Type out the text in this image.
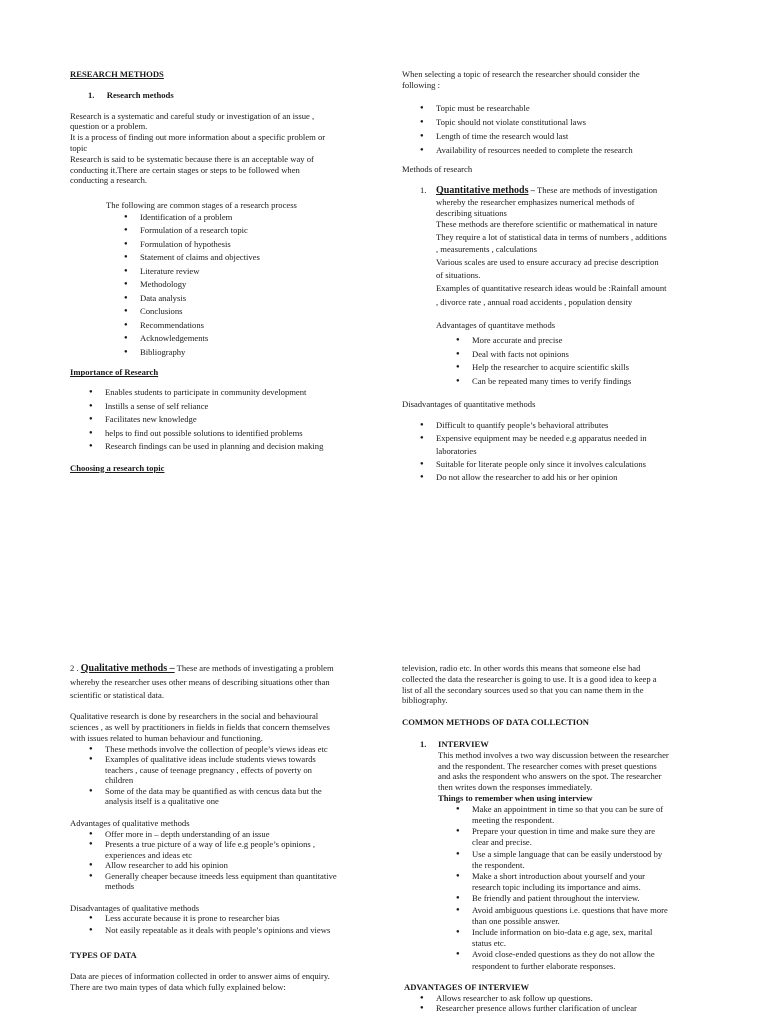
RESEARCH METHODS
1. Research methods
Research is a systematic and careful study or investigation of an issue ,
question or a problem.
It is a process of finding out more information about a specific problem or
topic
Research is said to be systematic because there is an acceptable way of
conducting it.There are certain stages or steps to be followed when
conducting a research.
The following are common stages of a research process
● Identification of a problem
● Formulation of a research topic
● Formulation of hypothesis
● Statement of claims and objectives
● Literature review
● Methodology
● Data analysis
● Conclusions
● Recommendations
● Acknowledgements
● Bibliography
Importance of Research
● Enables students to participate in community development
● Instills a sense of self reliance
● Facilitates new knowledge
● helps to find out possible solutions to identified problems
● Research findings can be used in planning and decision making
Choosing a research topic
When selecting a topic of research the researcher should consider the
following :
● Topic must be researchable
● Topic should not violate constitutional laws
● Length of time the research would last
● Availability of resources needed to complete the research
Methods of research
1. Quantitative methods – These are methods of investigation
whereby the researcher emphasizes numerical methods of
describing situations
These methods are therefore scientific or mathematical in nature
They require a lot of statistical data in terms of numbers , additions
, measurements , calculations
Various scales are used to ensure accuracy ad precise description
of situations.
Examples of quantitative research ideas would be :Rainfall amount
, divorce rate , annual road accidents , population density
Advantages of quantitave methods
● More accurate and precise
● Deal with facts not opinions
● Help the researcher to acquire scientific skills
● Can be repeated many times to verify findings
Disadvantages of quantitative methods
● Difficult to quantify people’s behavioral attributes
● Expensive equipment may be needed e.g apparatus needed in
laboratories
● Suitable for literate people only since it involves calculations
● Do not allow the researcher to add his or her opinion
2 . Qualitative methods – These are methods of investigating a problem
whereby the researcher uses other means of describing situations other than
scientific or statistical data.
Qualitative research is done by researchers in the social and behavioural
sciences , as well by practitioners in fields in fields that concern themselves
with issues related to human behaviour and functioning.
● These methods involve the collection of people’s views ideas etc
● Examples of qualitative ideas include students views towards
teachers , cause of teenage pregnancy , effects of poverty on
children
● Some of the data may be quantified as with cencus data but the
analysis itself is a qualitative one
Advantages of qualitative methods
● Offer more in – depth understanding of an issue
● Presents a true picture of a way of life e.g people’s opinions ,
experiences and ideas etc
● Allow researcher to add his opinion
● Generally cheaper because itneeds less equipment than quantitative
methods
Disadvantages of qualitative methods
● Less accurate because it is prone to researcher bias
● Not easily repeatable as it deals with people’s opinions and views
TYPES OF DATA
Data are pieces of information collected in order to answer aims of enquiry.
There are two main types of data which fully explained below:
television, radio etc. In other words this means that someone else had
collected the data the researcher is going to use. It is a good idea to keep a
list of all the secondary sources used so that you can name them in the
bibliography.
COMMON METHODS OF DATA COLLECTION
1. INTERVIEW
This method involves a two way discussion between the researcher
and the respondent. The researcher comes with preset questions
and asks the respondent who answers on the spot. The researcher
then writes down the responses immediately.
Things to remember when using interview
● Make an appointment in time so that you can be sure of
meeting the respondent.
● Prepare your question in time and make sure they are
clear and precise.
● Use a simple language that can be easily understood by
the respondent.
● Make a short introduction about yourself and your
research topic including its importance and aims.
● Be friendly and patient throughout the interview.
● Avoid ambiguous questions i.e. questions that have more
than one possible answer.
● Include information on bio-data e.g age, sex, marital
status etc.
● Avoid close-ended questions as they do not allow the
respondent to further elaborate responses.
ADVANTAGES OF INTERVIEW
● Allows researcher to ask follow up questions.
● Researcher presence allows further clarification of unclear
